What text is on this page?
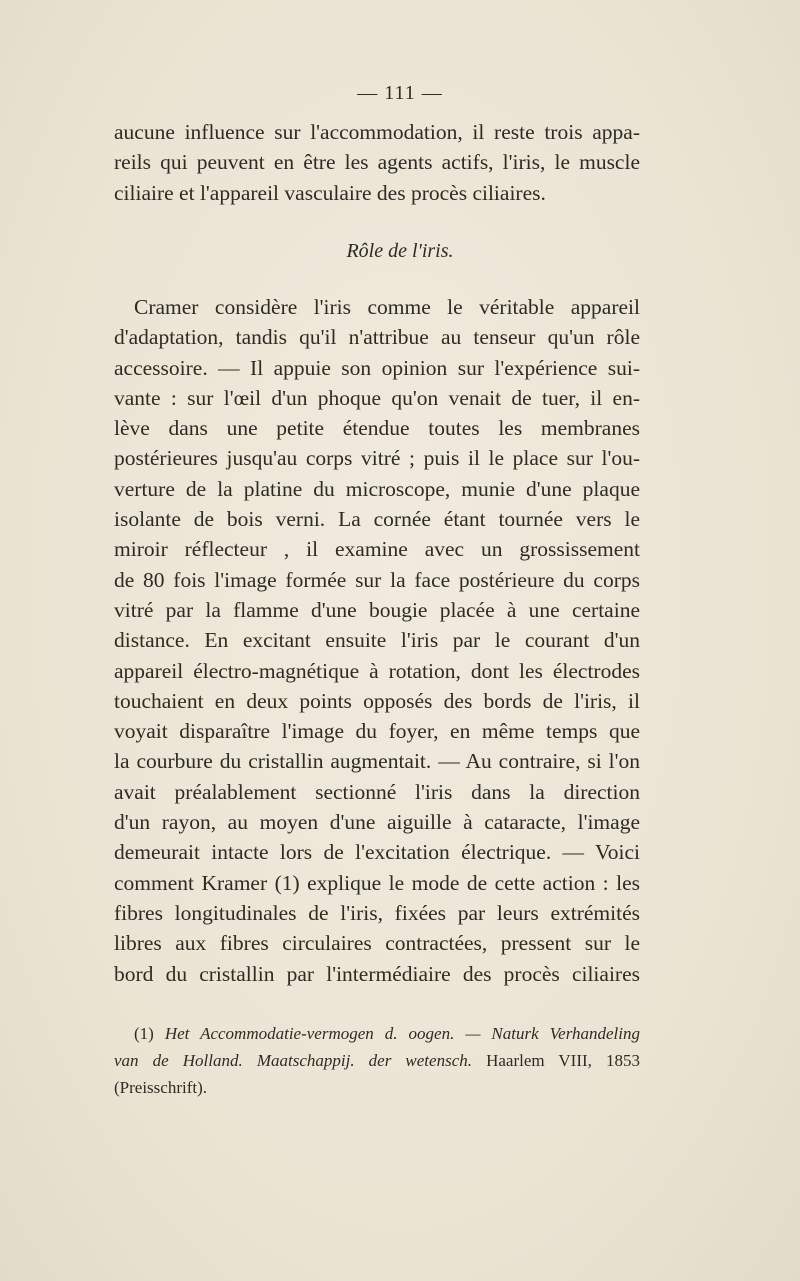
— 111 —
aucune influence sur l'accommodation, il reste trois appa-
reils qui peuvent en être les agents actifs, l'iris, le muscle
ciliaire et l'appareil vasculaire des procès ciliaires.
Rôle de l'iris.
Cramer considère l'iris comme le véritable appareil
d'adaptation, tandis qu'il n'attribue au tenseur qu'un rôle
accessoire. — Il appuie son opinion sur l'expérience sui-
vante : sur l'œil d'un phoque qu'on venait de tuer, il en-
lève dans une petite étendue toutes les membranes
postérieures jusqu'au corps vitré ; puis il le place sur l'ou-
verture de la platine du microscope, munie d'une plaque
isolante de bois verni. La cornée étant tournée vers le
miroir réflecteur , il examine avec un grossissement
de 80 fois l'image formée sur la face postérieure du corps
vitré par la flamme d'une bougie placée à une certaine
distance. En excitant ensuite l'iris par le courant d'un
appareil électro-magnétique à rotation, dont les électrodes
touchaient en deux points opposés des bords de l'iris, il
voyait disparaître l'image du foyer, en même temps que
la courbure du cristallin augmentait. — Au contraire, si l'on
avait préalablement sectionné l'iris dans la direction
d'un rayon, au moyen d'une aiguille à cataracte, l'image
demeurait intacte lors de l'excitation électrique. — Voici
comment Kramer (1) explique le mode de cette action : les
fibres longitudinales de l'iris, fixées par leurs extrémités
libres aux fibres circulaires contractées, pressent sur le
bord du cristallin par l'intermédiaire des procès ciliaires
(1) Het Accommodatie-vermogen d. oogen. — Naturk Verhandeling
van de Holland. Maatschappij. der wetensch. Haarlem VIII, 1853
(Preisschrift).
